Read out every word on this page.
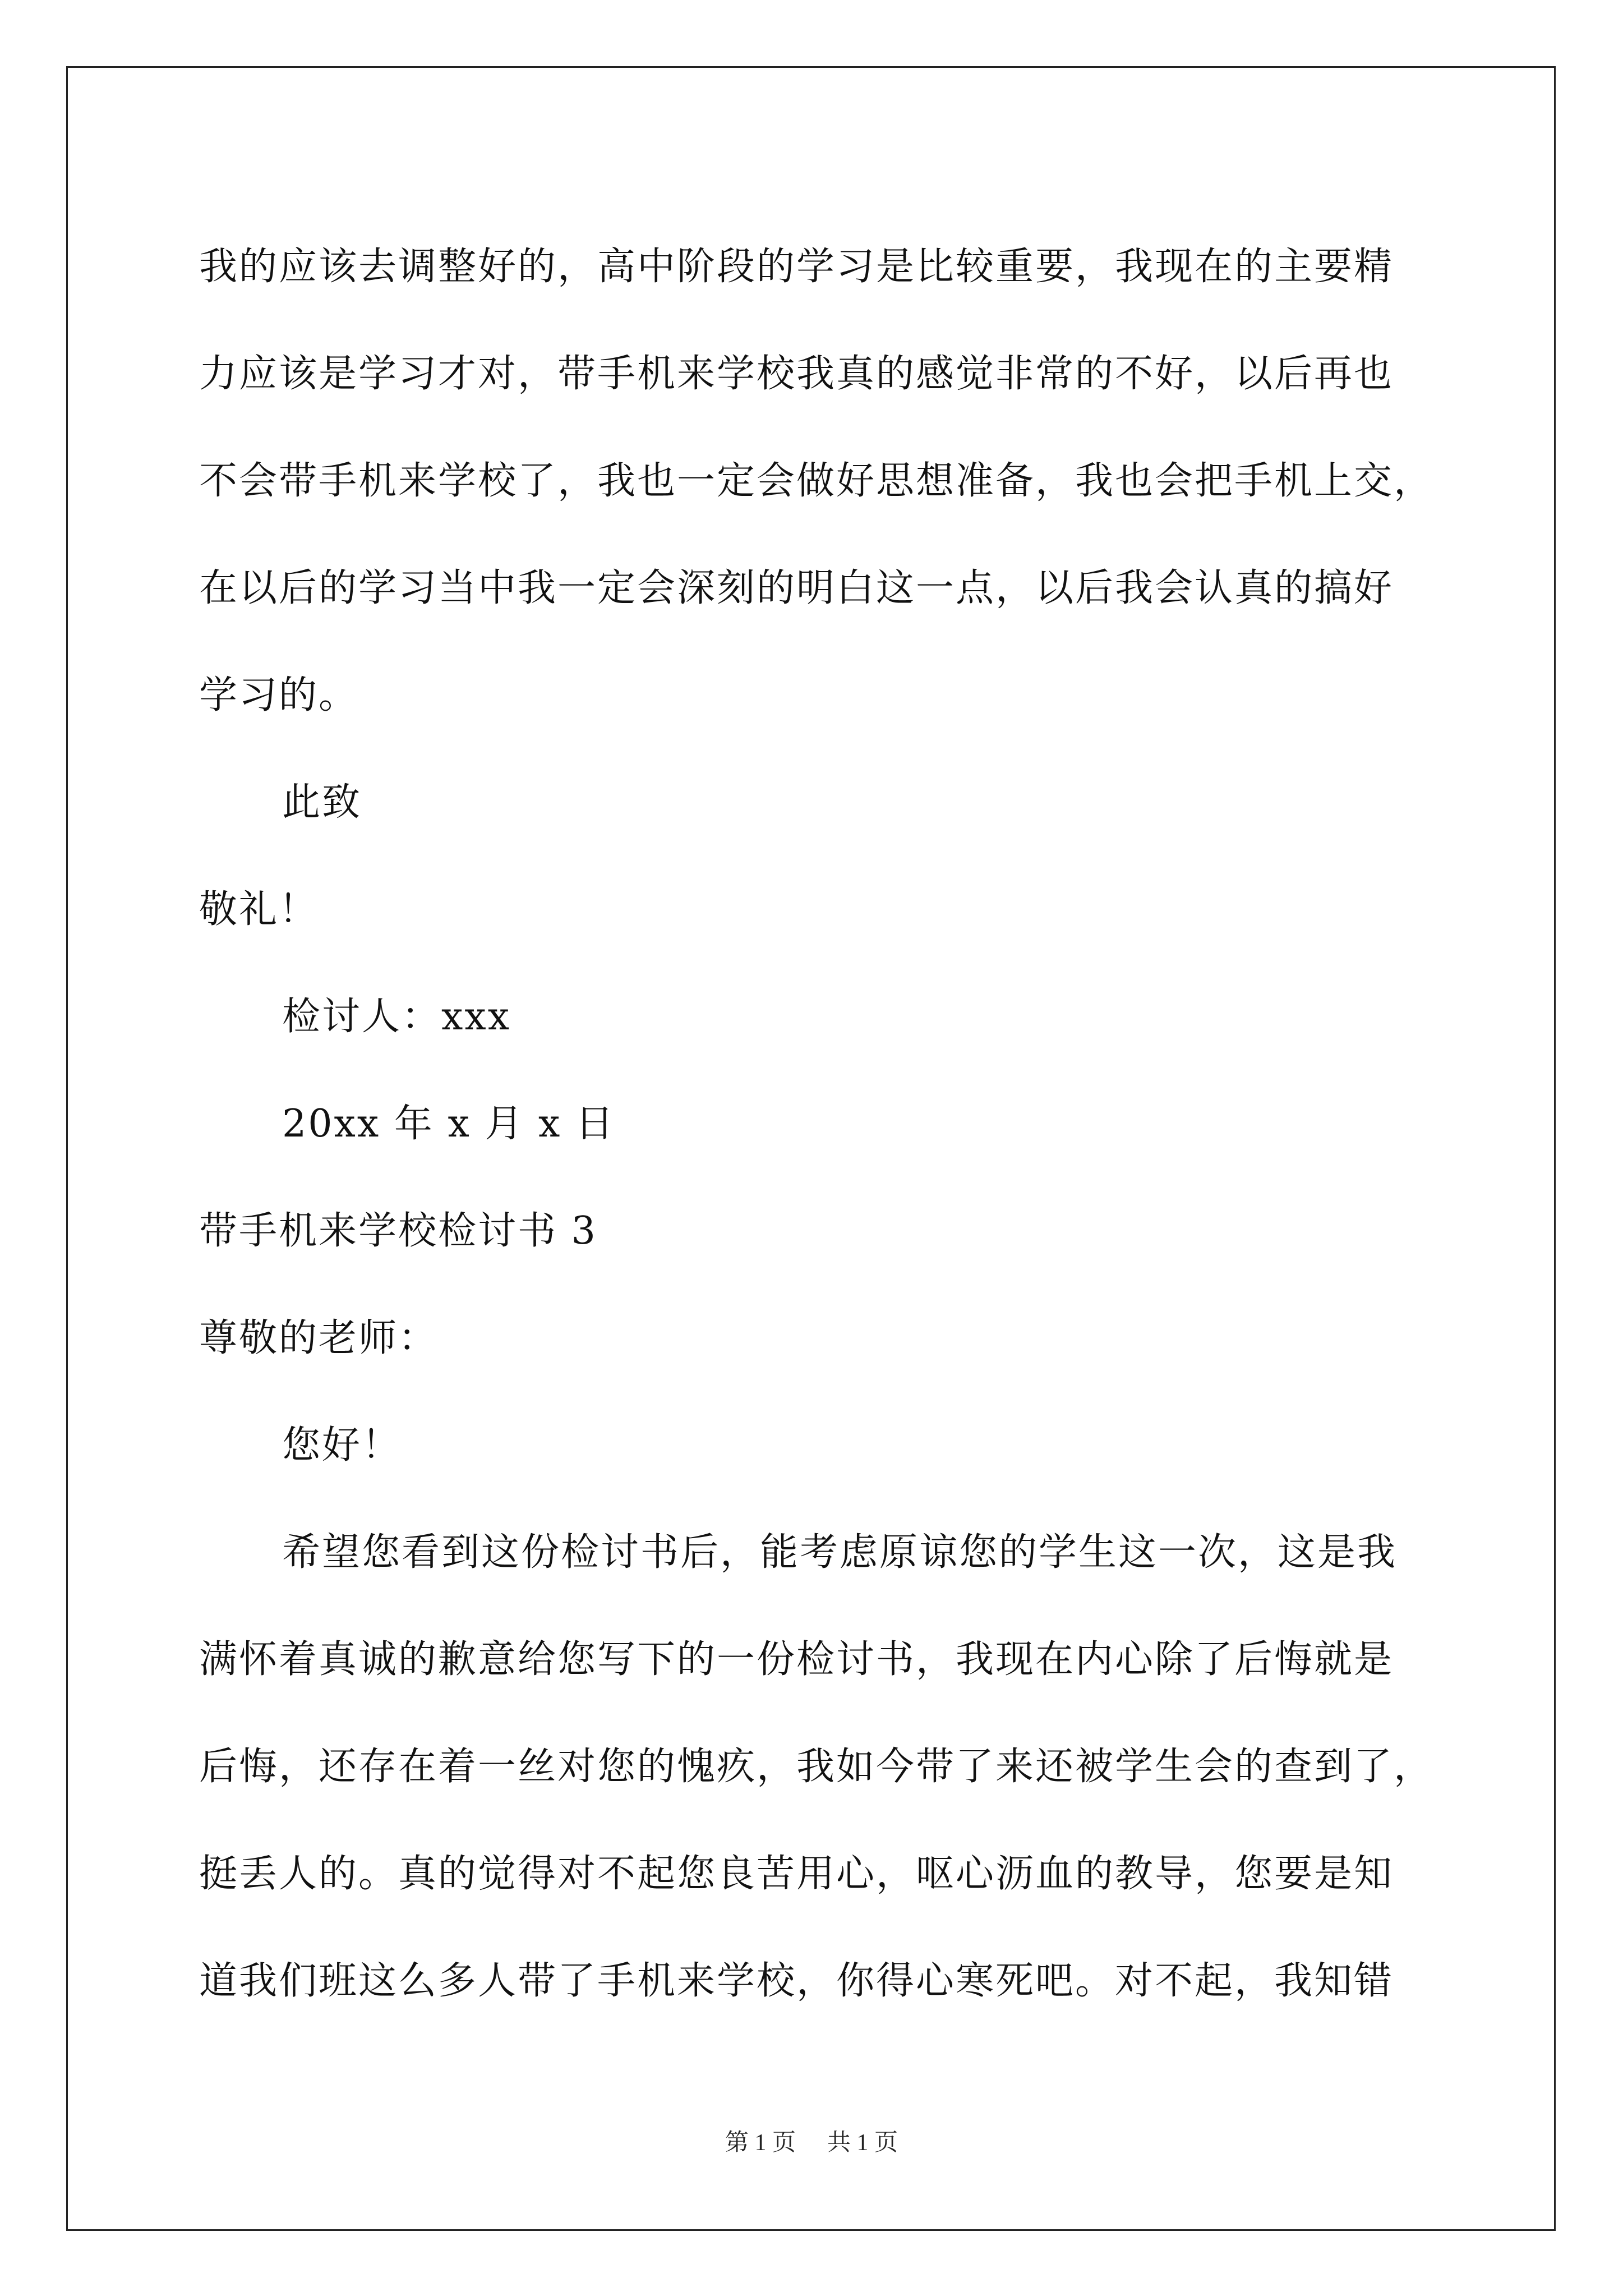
我的应该去调整好的，高中阶段的学习是比较重要，我现在的主要精
力应该是学习才对，带手机来学校我真的感觉非常的不好，以后再也
不会带手机来学校了，我也一定会做好思想准备，我也会把手机上交，
在以后的学习当中我一定会深刻的明白这一点，以后我会认真的搞好
学习的。
此致
敬礼！
检讨人：xxx
20xx 年 x 月 x 日
带手机来学校检讨书 3
尊敬的老师：
您好！
希望您看到这份检讨书后，能考虑原谅您的学生这一次，这是我
满怀着真诚的歉意给您写下的一份检讨书，我现在内心除了后悔就是
后悔，还存在着一丝对您的愧疚，我如今带了来还被学生会的查到了，
挺丢人的。真的觉得对不起您良苦用心，呕心沥血的教导，您要是知
道我们班这么多人带了手机来学校，你得心寒死吧。对不起，我知错
第 1 页 共 1 页
